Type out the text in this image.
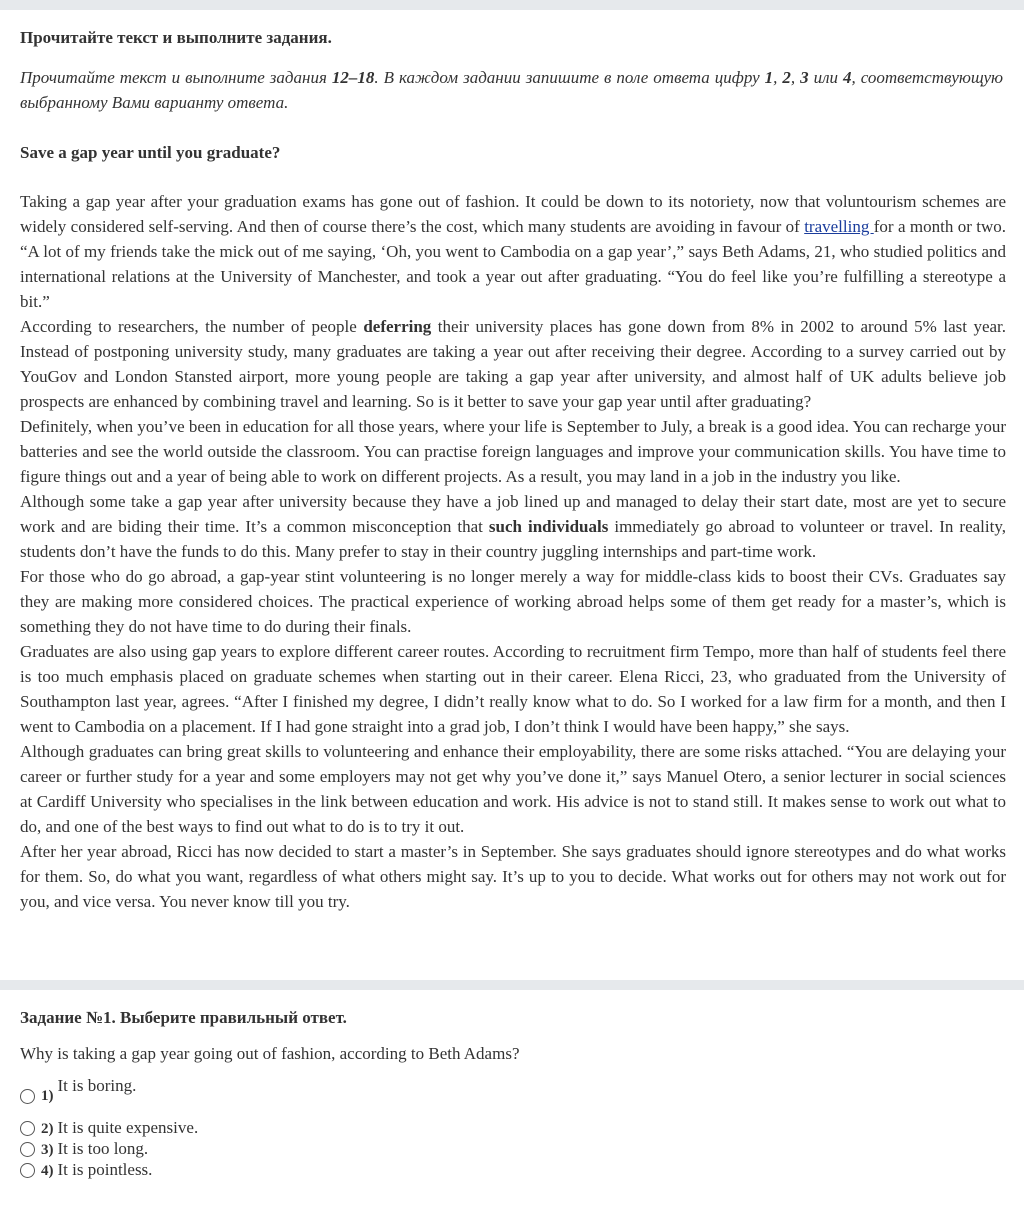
Прочитайте текст и выполните задания.

Прочитайте текст и выполните задания 12–18. В каждом задании запишите в поле ответа цифру 1, 2, 3 или 4, соответствующую выбранному Вами варианту ответа.

Save a gap year until you graduate?

Taking a gap year after your graduation exams has gone out of fashion. It could be down to its notoriety, now that voluntourism schemes are widely considered self-serving. And then of course there’s the cost, which many students are avoiding in favour of travelling for a month or two. “A lot of my friends take the mick out of me saying, ‘Oh, you went to Cambodia on a gap year’,” says Beth Adams, 21, who studied politics and international relations at the University of Manchester, and took a year out after graduating. “You do feel like you’re fulfilling a stereotype a bit.”

According to researchers, the number of people deferring their university places has gone down from 8% in 2002 to around 5% last year. Instead of postponing university study, many graduates are taking a year out after receiving their degree. According to a survey carried out by YouGov and London Stansted airport, more young people are taking a gap year after university, and almost half of UK adults believe job prospects are enhanced by combining travel and learning. So is it better to save your gap year until after graduating?

Definitely, when you’ve been in education for all those years, where your life is September to July, a break is a good idea. You can recharge your batteries and see the world outside the classroom. You can practise foreign languages and improve your communication skills. You have time to figure things out and a year of being able to work on different projects. As a result, you may land in a job in the industry you like.

Although some take a gap year after university because they have a job lined up and managed to delay their start date, most are yet to secure work and are biding their time. It’s a common misconception that such individuals immediately go abroad to volunteer or travel. In reality, students don’t have the funds to do this. Many prefer to stay in their country juggling internships and part-time work.

For those who do go abroad, a gap-year stint volunteering is no longer merely a way for middle-class kids to boost their CVs. Graduates say they are making more considered choices. The practical experience of working abroad helps some of them get ready for a master’s, which is something they do not have time to do during their finals.

Graduates are also using gap years to explore different career routes. According to recruitment firm Tempo, more than half of students feel there is too much emphasis placed on graduate schemes when starting out in their career. Elena Ricci, 23, who graduated from the University of Southampton last year, agrees. “After I finished my degree, I didn’t really know what to do. So I worked for a law firm for a month, and then I went to Cambodia on a placement. If I had gone straight into a grad job, I don’t think I would have been happy,” she says.

Although graduates can bring great skills to volunteering and enhance their employability, there are some risks attached. “You are delaying your career or further study for a year and some employers may not get why you’ve done it,” says Manuel Otero, a senior lecturer in social sciences at Cardiff University who specialises in the link between education and work. His advice is not to stand still. It makes sense to work out what to do, and one of the best ways to find out what to do is to try it out.

After her year abroad, Ricci has now decided to start a master’s in September. She says graduates should ignore stereotypes and do what works for them. So, do what you want, regardless of what others might say. It’s up to you to decide. What works out for others may not work out for you, and vice versa. You never know till you try.

Задание №1. Выберите правильный ответ.

Why is taking a gap year going out of fashion, according to Beth Adams?

1)
It is boring.
2) It is quite expensive.
3) It is too long.
4) It is pointless.
